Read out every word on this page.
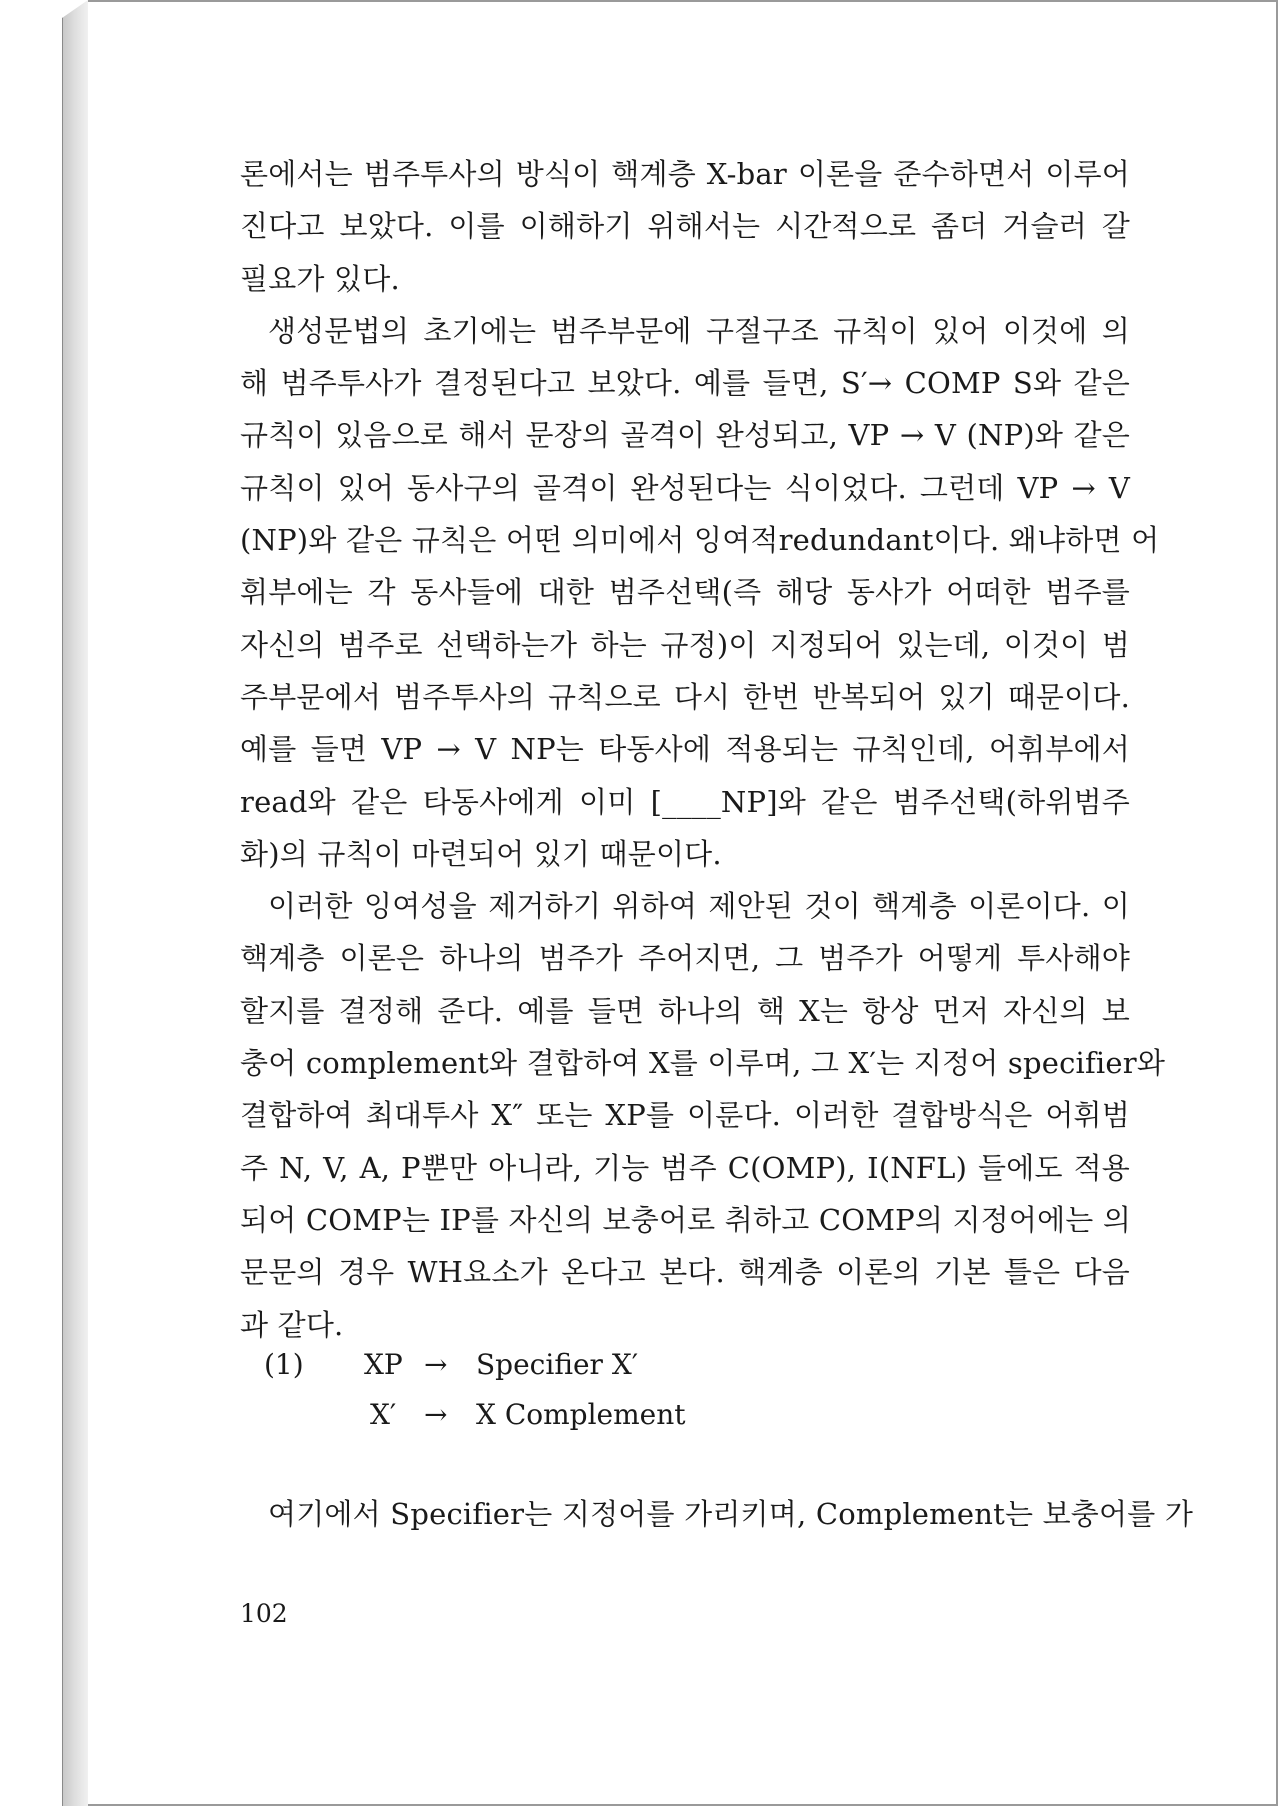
론에서는 범주투사의 방식이 핵계층 X-bar 이론을 준수하면서 이루어
진다고 보았다. 이를 이해하기 위해서는 시간적으로 좀더 거슬러 갈
필요가 있다.
생성문법의 초기에는 범주부문에 구절구조 규칙이 있어 이것에 의
해 범주투사가 결정된다고 보았다. 예를 들면, S′→ COMP S와 같은
규칙이 있음으로 해서 문장의 골격이 완성되고, VP → V (NP)와 같은
규칙이 있어 동사구의 골격이 완성된다는 식이었다. 그런데 VP → V
(NP)와 같은 규칙은 어떤 의미에서 잉여적redundant이다. 왜냐하면 어
휘부에는 각 동사들에 대한 범주선택(즉 해당 동사가 어떠한 범주를
자신의 범주로 선택하는가 하는 규정)이 지정되어 있는데, 이것이 범
주부문에서 범주투사의 규칙으로 다시 한번 반복되어 있기 때문이다.
예를 들면 VP → V NP는 타동사에 적용되는 규칙인데, 어휘부에서
read와 같은 타동사에게 이미 [____NP]와 같은 범주선택(하위범주
화)의 규칙이 마련되어 있기 때문이다.
이러한 잉여성을 제거하기 위하여 제안된 것이 핵계층 이론이다. 이
핵계층 이론은 하나의 범주가 주어지면, 그 범주가 어떻게 투사해야
할지를 결정해 준다. 예를 들면 하나의 핵 X는 항상 먼저 자신의 보
충어 complement와 결합하여 X를 이루며, 그 X′는 지정어 specifier와
결합하여 최대투사 X″ 또는 XP를 이룬다. 이러한 결합방식은 어휘범
주 N, V, A, P뿐만 아니라, 기능 범주 C(OMP), I(NFL) 들에도 적용
되어 COMP는 IP를 자신의 보충어로 취하고 COMP의 지정어에는 의
문문의 경우 WH요소가 온다고 본다. 핵계층 이론의 기본 틀은 다음
과 같다.
(1) XP → Specifier X′
X′ → X Complement
여기에서 Specifier는 지정어를 가리키며, Complement는 보충어를 가
102
